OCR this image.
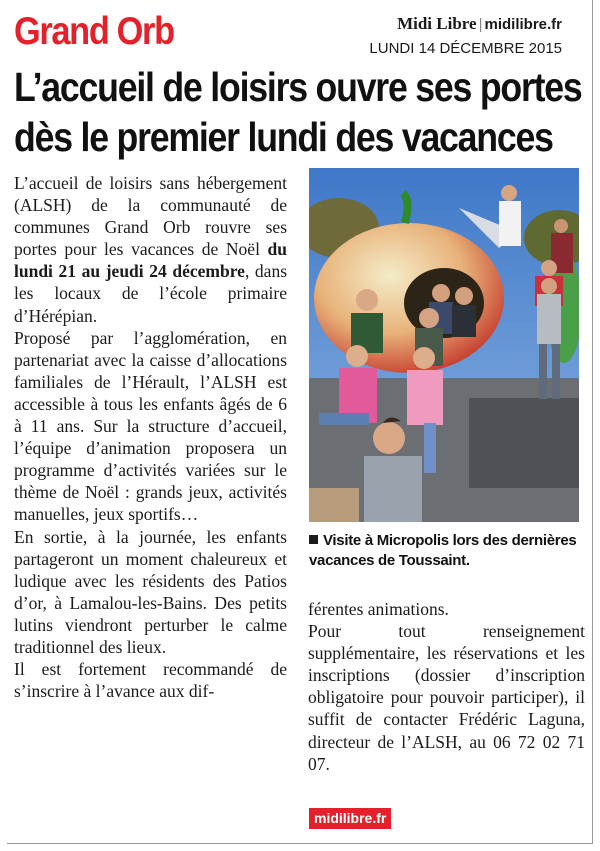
Grand Orb	Midi Libre | midilibre.fr
LUNDI 14 DÉCEMBRE 2015
L’accueil de loisirs ouvre ses portes
dès le premier lundi des vacances

L’accueil de loisirs sans hébergement (ALSH) de la communauté de communes Grand Orb rouvre ses portes pour les vacances de Noël du lundi 21 au jeudi 24 décembre, dans les locaux de l’école primaire d’Hérépian.

Proposé par l’agglomération, en partenariat avec la caisse d’allocations familiales de l’Hérault, l’ALSH est accessible à tous les enfants âgés de 6 à 11 ans. Sur la structure d’accueil, l’équipe d’animation proposera un programme d’activités variées sur le thème de Noël : grands jeux, activités manuelles, jeux sportifs…

En sortie, à la journée, les enfants partageront un moment chaleureux et ludique avec les résidents des Patios d’or, à Lamalou-les-Bains. Des petits lutins viendront perturber le calme traditionnel des lieux.

Il est fortement recommandé de s’inscrire à l’avance aux dif-

Visite à Micropolis lors des dernières vacances de Toussaint.

férentes animations.

Pour tout renseignement supplémentaire, les réservations et les inscriptions (dossier d’inscription obligatoire pour pouvoir participer), il suffit de contacter Frédéric Laguna, directeur de l’ALSH, au 06 72 02 71 07.

midilibre.fr
